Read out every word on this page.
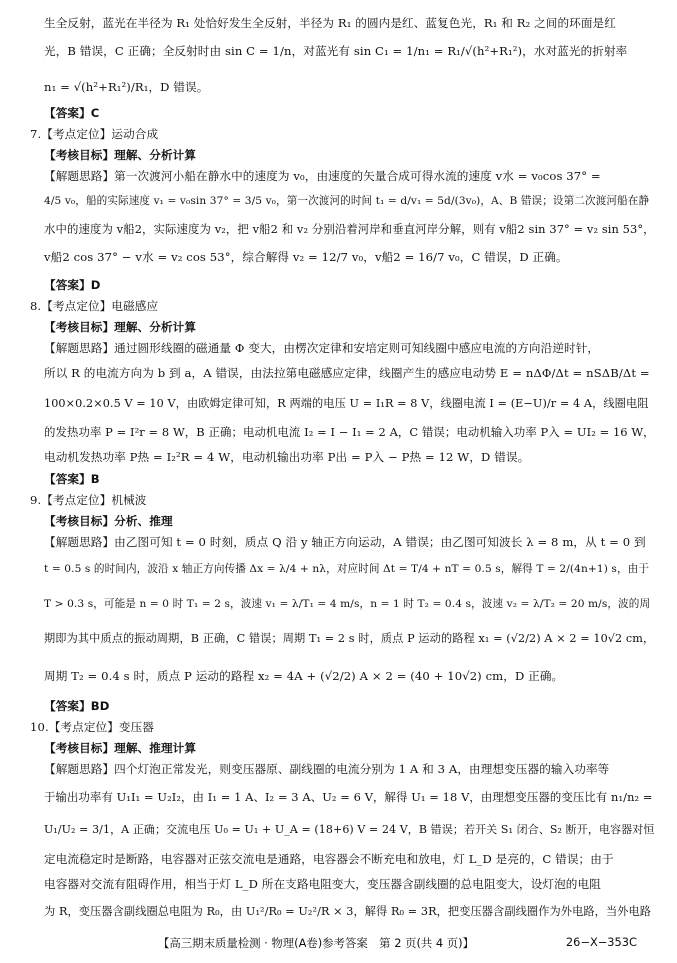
生全反射，蓝光在半径为 R₁ 处恰好发生全反射，半径为 R₁ 的圆内是红、蓝复色光，R₁ 和 R₂ 之间的环面是红
光，B 错误，C 正确；全反射时由 sin C = 1/n，对蓝光有 sin C₁ = 1/n₁ = R₁/√(h²+R₁²)，水对蓝光的折射率
n₁ = √(h²+R₁²)/R₁，D 错误。
【答案】C
7.【考点定位】运动合成
【考核目标】理解、分析计算
【解题思路】第一次渡河小船在静水中的速度为 v₀，由速度的矢量合成可得水流的速度 v水 = v₀cos 37° =
4/5 v₀，船的实际速度 v₁ = v₀sin 37° = 3/5 v₀，第一次渡河的时间 t₁ = d/v₁ = 5d/(3v₀)，A、B 错误；设第二次渡河船在静
水中的速度为 v船2，实际速度为 v₂，把 v船2 和 v₂ 分别沿着河岸和垂直河岸分解，则有 v船2 sin 37° = v₂ sin 53°，
v船2 cos 37° − v水 = v₂ cos 53°，综合解得 v₂ = 12/7 v₀，v船2 = 16/7 v₀，C 错误，D 正确。
【答案】D
8.【考点定位】电磁感应
【考核目标】理解、分析计算
【解题思路】通过圆形线圈的磁通量 Φ 变大，由楞次定律和安培定则可知线圈中感应电流的方向沿逆时针，
所以 R 的电流方向为 b 到 a，A 错误，由法拉第电磁感应定律，线圈产生的感应电动势 E = nΔΦ/Δt = nSΔB/Δt =
100×0.2×0.5 V = 10 V，由欧姆定律可知，R 两端的电压 U = I₁R = 8 V，线圈电流 I = (E−U)/r = 4 A，线圈电阻
的发热功率 P = I²r = 8 W，B 正确；电动机电流 I₂ = I − I₁ = 2 A，C 错误；电动机输入功率 P入 = UI₂ = 16 W，
电动机发热功率 P热 = I₂²R = 4 W，电动机输出功率 P出 = P入 − P热 = 12 W，D 错误。
【答案】B
9.【考点定位】机械波
【考核目标】分析、推理
【解题思路】由乙图可知 t = 0 时刻，质点 Q 沿 y 轴正方向运动，A 错误；由乙图可知波长 λ = 8 m，从 t = 0 到
t = 0.5 s 的时间内，波沿 x 轴正方向传播 Δx = λ/4 + nλ，对应时间 Δt = T/4 + nT = 0.5 s，解得 T = 2/(4n+1) s，由于
T > 0.3 s，可能是 n = 0 时 T₁ = 2 s，波速 v₁ = λ/T₁ = 4 m/s，n = 1 时 T₂ = 0.4 s，波速 v₂ = λ/T₂ = 20 m/s，波的周
期即为其中质点的振动周期，B 正确，C 错误；周期 T₁ = 2 s 时，质点 P 运动的路程 x₁ = (√2/2) A × 2 = 10√2 cm，
周期 T₂ = 0.4 s 时，质点 P 运动的路程 x₂ = 4A + (√2/2) A × 2 = (40 + 10√2) cm，D 正确。
【答案】BD
10.【考点定位】变压器
【考核目标】理解、推理计算
【解题思路】四个灯泡正常发光，则变压器原、副线圈的电流分别为 1 A 和 3 A，由理想变压器的输入功率等
于输出功率有 U₁I₁ = U₂I₂，由 I₁ = 1 A、I₂ = 3 A、U₂ = 6 V，解得 U₁ = 18 V，由理想变压器的变压比有 n₁/n₂ =
U₁/U₂ = 3/1，A 正确；交流电压 U₀ = U₁ + U_A = (18+6) V = 24 V，B 错误；若开关 S₁ 闭合、S₂ 断开，电容器对恒
定电流稳定时是断路，电容器对正弦交流电是通路，电容器会不断充电和放电，灯 L_D 是亮的，C 错误；由于
电容器对交流有阻碍作用，相当于灯 L_D 所在支路电阻变大，变压器含副线圈的总电阻变大，设灯泡的电阻
为 R，变压器含副线圈总电阻为 R₀，由 U₁²/R₀ = U₂²/R × 3，解得 R₀ = 3R，把变压器含副线圈作为外电路，当外电路
【高三期末质量检测 · 物理(A卷)参考答案　第 2 页(共 4 页)】	26−X−353C
